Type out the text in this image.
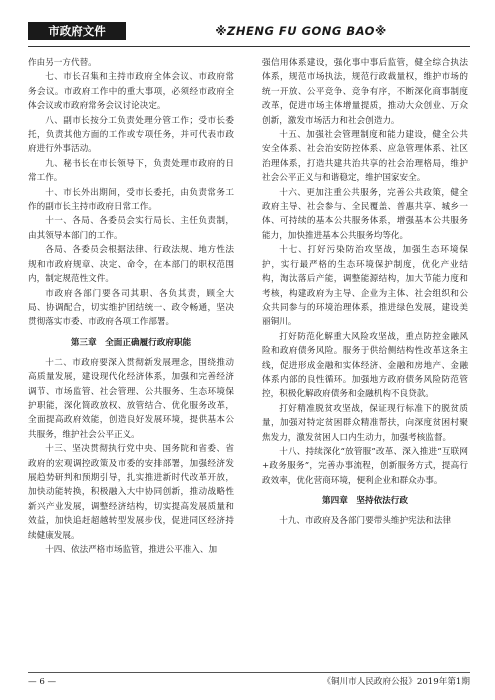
市政府文件	※ZHENG FU GONG BAO※

作由另一方代替。

七、市长召集和主持市政府全体会议、市政府常务会议。市政府工作中的重大事项，必须经市政府全体会议或市政府常务会议讨论决定。

八、副市长按分工负责处理分管工作；受市长委托，负责其他方面的工作或专项任务，并可代表市政府进行外事活动。

九、秘书长在市长领导下，负责处理市政府的日常工作。

十、市长外出期间，受市长委托，由负责常务工作的副市长主持市政府日常工作。

十一、各局、各委员会实行局长、主任负责制，由其领导本部门的工作。

各局、各委员会根据法律、行政法规、地方性法规和市政府规章、决定、命令，在本部门的职权范围内，制定规范性文件。

市政府各部门要各司其职、各负其责，顾全大局、协调配合，切实维护团结统一、政令畅通，坚决贯彻落实市委、市政府各项工作部署。

第三章　全面正确履行政府职能

十二、市政府要深入贯彻新发展理念，围绕推动高质量发展，建设现代化经济体系，加强和完善经济调节、市场监管、社会管理、公共服务、生态环境保护职能，深化简政放权、放管结合、优化服务改革，全面提高政府效能，创造良好发展环境，提供基本公共服务，维护社会公平正义。

十三、坚决贯彻执行党中央、国务院和省委、省政府的宏观调控政策及市委的安排部署，加强经济发展趋势研判和预期引导，扎实推进新时代改革开放，加快动能转换，积极融入大中协同创新，推动战略性新兴产业发展，调整经济结构，切实提高发展质量和效益，加快追赶超越转型发展步伐，促进同区经济持续健康发展。

十四、依法严格市场监管，推进公平准入、加

强信用体系建设，强化事中事后监管，健全综合执法体系，规范市场执法，规范行政裁量权，维护市场的统一开放、公平竞争、竞争有序，不断深化商事制度改革，促进市场主体增量提质，推动大众创业、万众创新，激发市场活力和社会创造力。

十五、加强社会管理制度和能力建设，健全公共安全体系、社会治安防控体系、应急管理体系、社区治理体系，打造共建共治共享的社会治理格局，维护社会公平正义与和谐稳定，维护国家安全。

十六、更加注重公共服务，完善公共政策，健全政府主导、社会参与、全民覆盖、普惠共享、城乡一体、可持续的基本公共服务体系，增强基本公共服务能力，加快推进基本公共服务均等化。

十七、打好污染防治攻坚战，加强生态环境保护，实行最严格的生态环境保护制度，优化产业结构，淘汰落后产能，调整能源结构，加大节能力度和考核，构建政府为主导、企业为主体、社会组织和公众共同参与的环境治理体系，推进绿色发展，建设美丽铜川。

打好防范化解重大风险攻坚战，重点防控金融风险和政府债务风险。服务于供给侧结构性改革这条主线，促进形成金融和实体经济、金融和房地产、金融体系内部的良性循环。加强地方政府债务风险防范管控，积极化解政府债务和金融机构不良贷款。

打好精准脱贫攻坚战，保证现行标准下的脱贫质量，加强对特定贫困群众精准帮扶，向深度贫困村聚焦发力，激发贫困人口内生动力，加强考核监督。

十八、持续深化“放管服”改革、深入推进“互联网+政务服务”，完善办事流程，创新服务方式，提高行政效率，优化营商环境，便利企业和群众办事。

第四章　坚持依法行政

十九、市政府及各部门要带头维护宪法和法律

— 6 —	《铜川市人民政府公报》2019年第1期
